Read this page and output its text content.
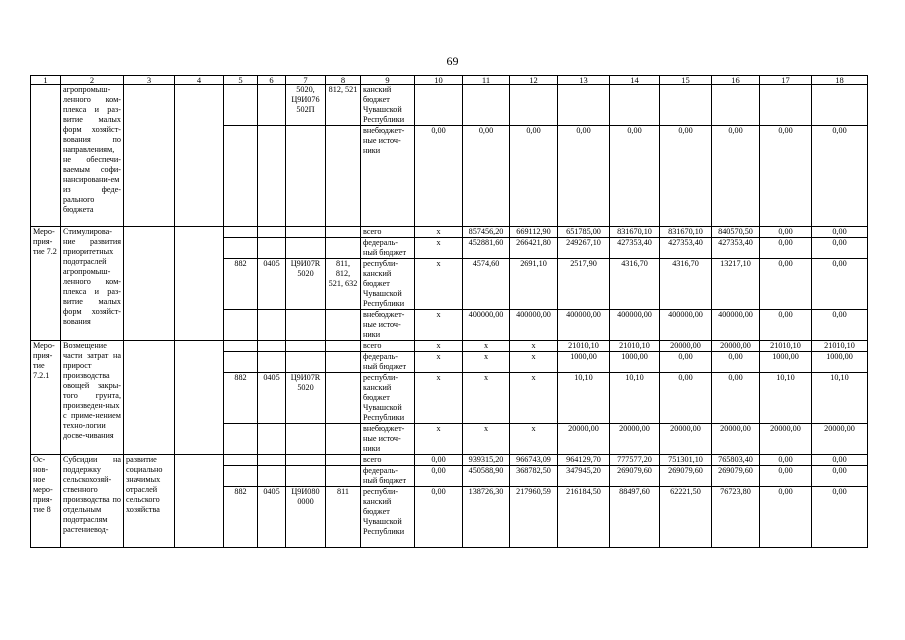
69
1	2	3	4	5	6	7	8	9	10	11	12	13	14	15	16	17	18
	агропромыш-ленного ком-плекса и раз-витие малых форм хозяйст-вования по направлениям, не обеспечи-ваемым софи-нансировани-ем из феде-рального бюджета					5020, Ц9И076 502П	812, 521	канский бюджет Чувашской Республики									
								внебюджет-ные источ-ники	0,00	0,00	0,00	0,00	0,00	0,00	0,00	0,00	0,00
Меро-прия-тие 7.2	Стимулирова-ние развития приоритетных подотраслей агропромыш-ленного ком-плекса и раз-витие малых форм хозяйст-вования							всего	x	857456,20	669112,90	651785,00	831670,10	831670,10	840570,50	0,00	0,00
								федераль-ный бюджет	x	452881,60	266421,80	249267,10	427353,40	427353,40	427353,40	0,00	0,00
				882	0405	Ц9И07R 5020	811, 812, 521, 632	республи-канский бюджет Чувашской Республики	x	4574,60	2691,10	2517,90	4316,70	4316,70	13217,10	0,00	0,00
								внебюджет-ные источ-ники	x	400000,00	400000,00	400000,00	400000,00	400000,00	400000,00	0,00	0,00
Меро-прия-тие 7.2.1	Возмещение части затрат на прирост производства овощей закры-того грунта, произведен-ных с приме-нением техно-логии досве-чивания							всего	x	x	x	21010,10	21010,10	20000,00	20000,00	21010,10	21010,10
								федераль-ный бюджет	x	x	x	1000,00	1000,00	0,00	0,00	1000,00	1000,00
				882	0405	Ц9И07R 5020		республи-канский бюджет Чувашской Республики	x	x	x	10,10	10,10	0,00	0,00	10,10	10,10
								внебюджет-ные источ-ники	x	x	x	20000,00	20000,00	20000,00	20000,00	20000,00	20000,00
Ос-нов-ное меро-прия-тие 8	Субсидии на поддержку сельскохозяй-ственного производства по отдельным подотраслям растениевод-	развитие социально значимых отраслей сельского хозяйства						всего	0,00	939315,20	966743,09	964129,70	777577,20	751301,10	765803,40	0,00	0,00
								федераль-ный бюджет	0,00	450588,90	368782,50	347945,20	269079,60	269079,60	269079,60	0,00	0,00
				882	0405	Ц9И080 0000	811	республи-канский бюджет Чувашской Республики	0,00	138726,30	217960,59	216184,50	88497,60	62221,50	76723,80	0,00	0,00
